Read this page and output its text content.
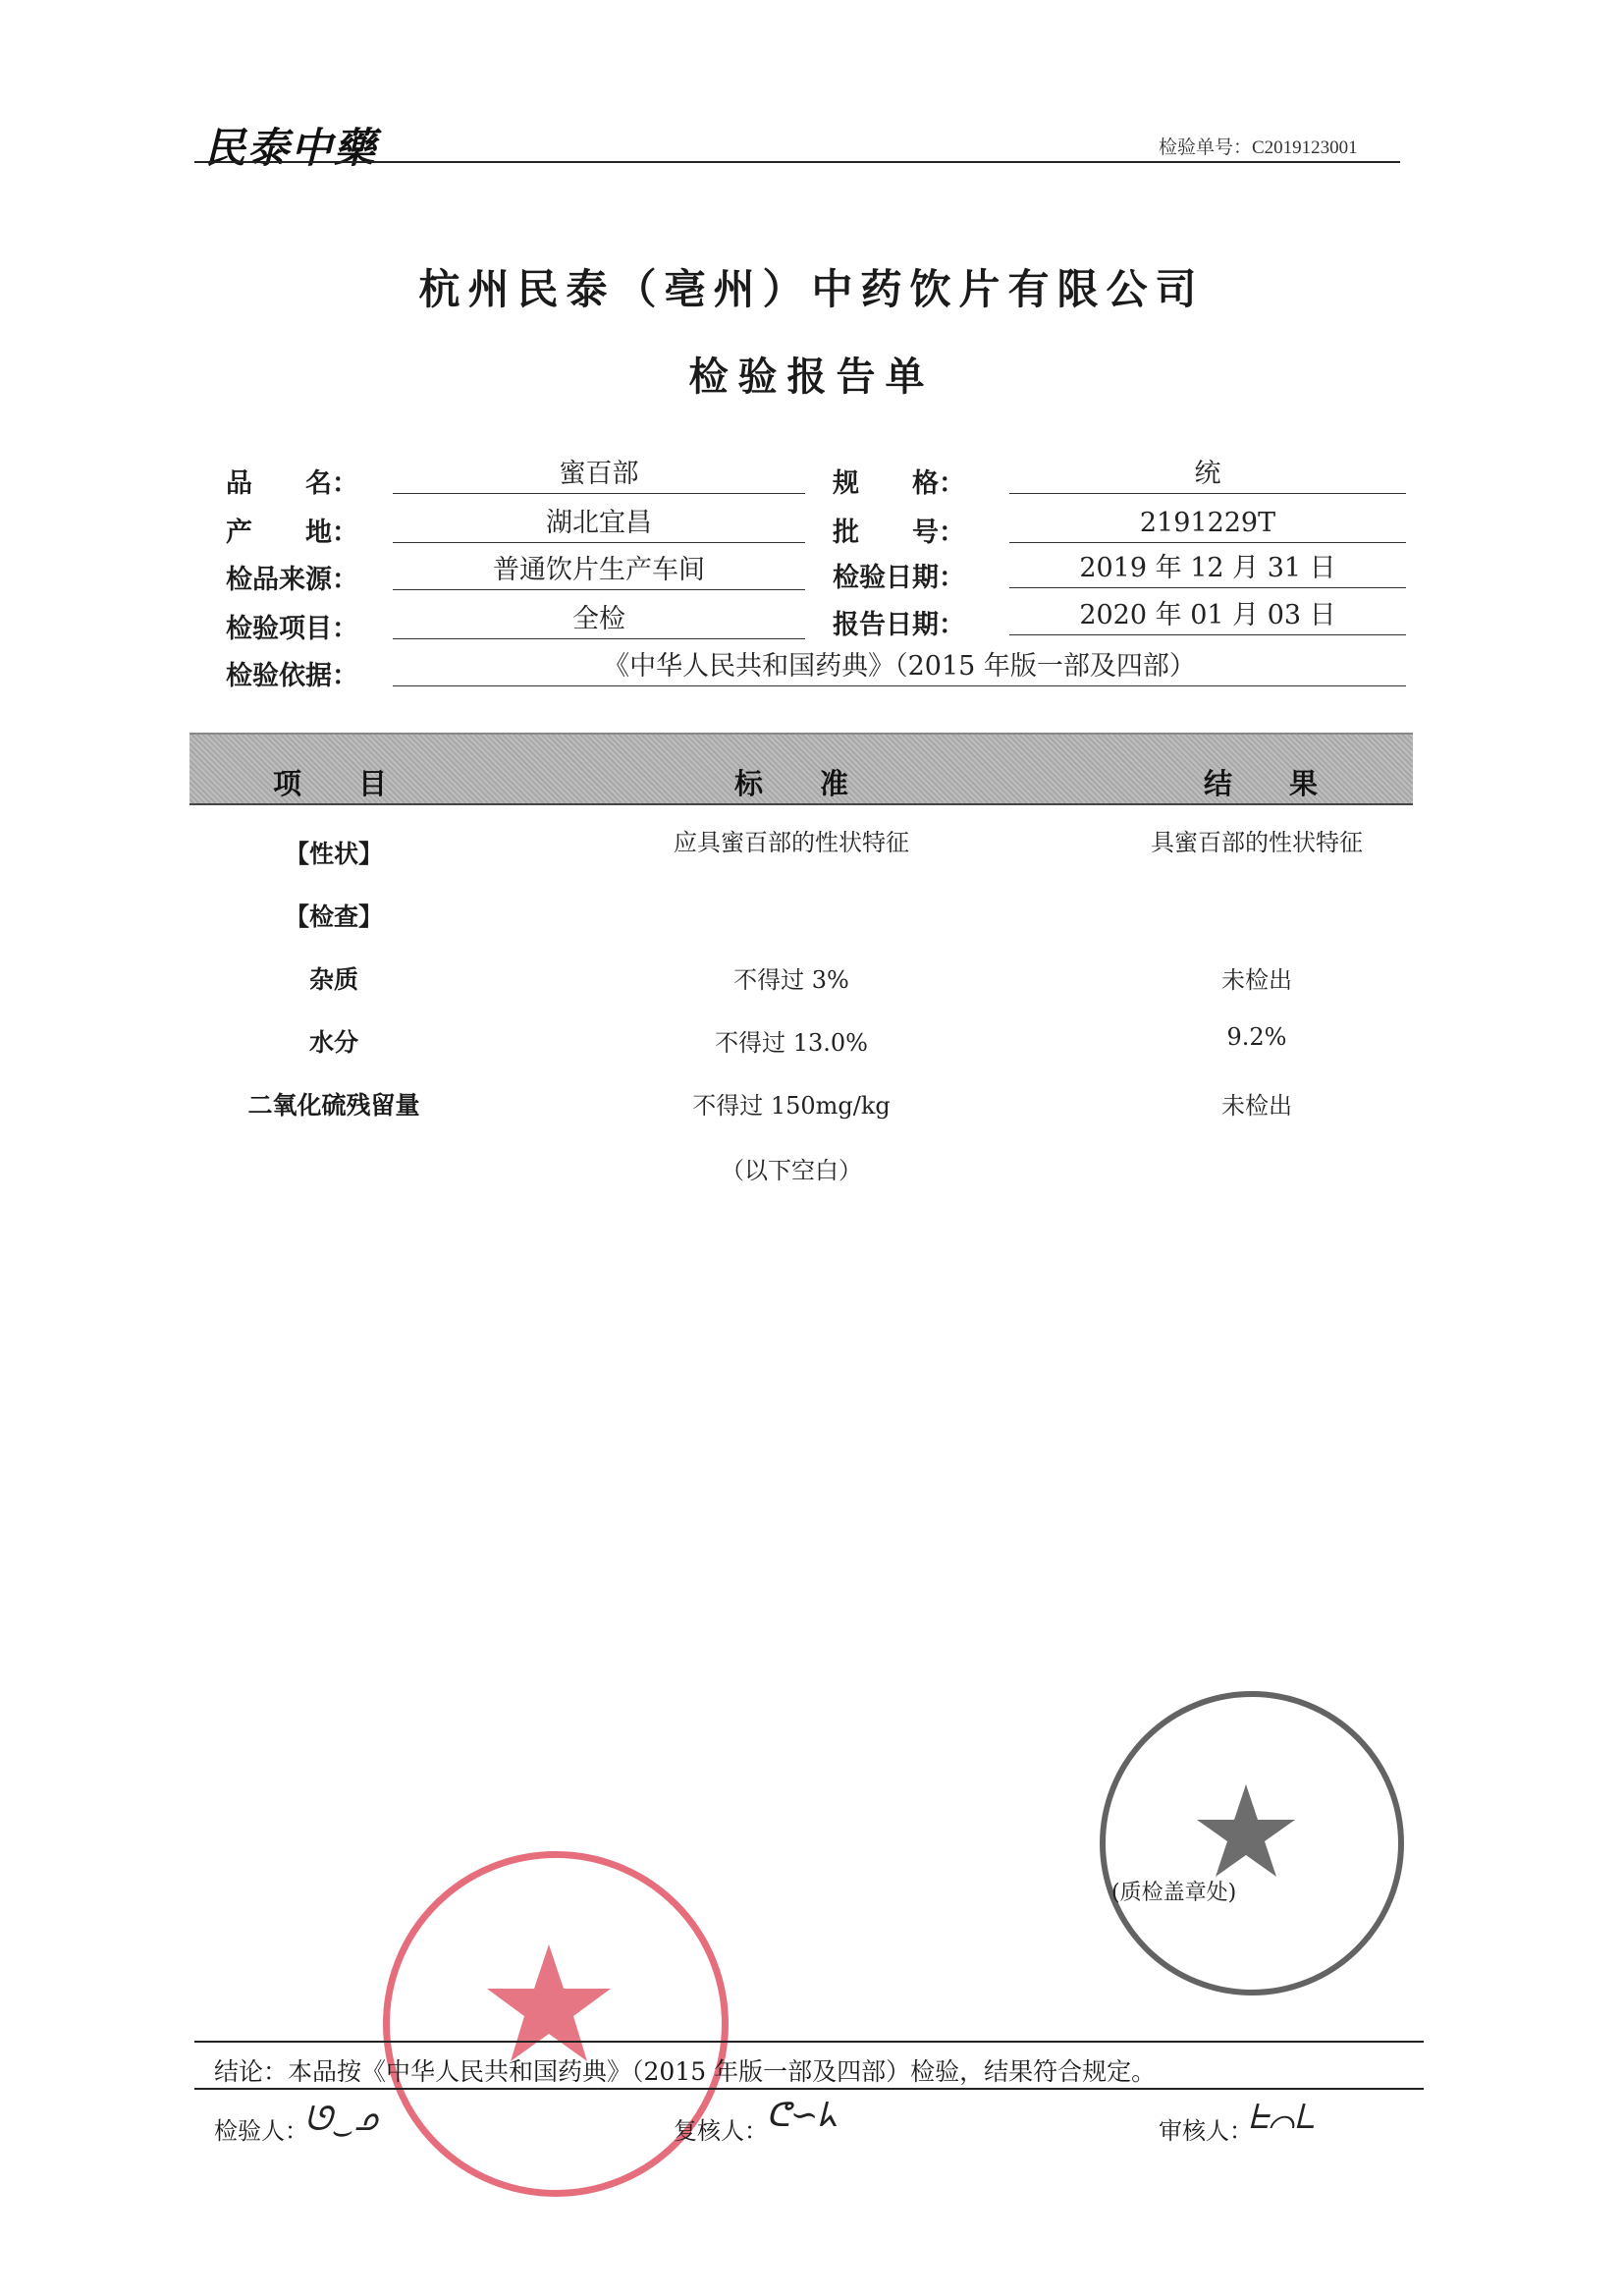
民泰中藥	检验单号：C2019123001
杭州民泰（亳州）中药饮片有限公司
检验报告单
品　　名：	蜜百部	规　　格：	统
产　　地：	湖北宜昌	批　　号：	2191229T
检品来源：	普通饮片生产车间	检验日期：	2019 年 12 月 31 日
检验项目：	全检	报告日期：	2020 年 01 月 03 日
检验依据：	《中华人民共和国药典》（2015 年版一部及四部）
项　　目	标　　准	结　　果
【性状】	应具蜜百部的性状特征	具蜜百部的性状特征
【检查】
杂质	不得过 3%	未检出
水分	不得过 13.0%	9.2%
二氧化硫残留量	不得过 150mg/kg	未检出
（以下空白）
(质检盖章处)
结论：本品按《中华人民共和国药典》（2015 年版一部及四部）检验，结果符合规定。
检验人：
ᘎ‿ᓄ	复核人：
ᕦ∽ᖾ	审核人：
ᖶ⌒ᒪ
